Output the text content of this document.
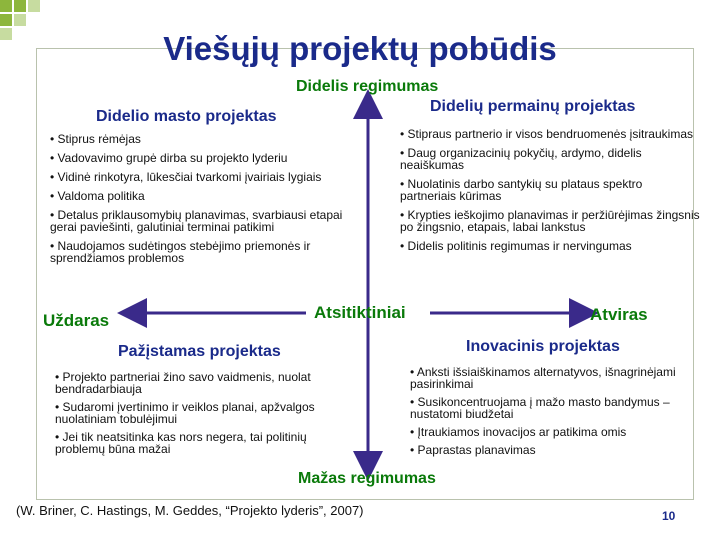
Viešųjų projektų pobūdis
Didelis regimumas
Mažas regimumas
Uždaras	Atsitiktiniai	Atviras
Didelio masto projektas
• Stiprus rėmėjas
• Vadovavimo grupė dirba su projekto lyderiu
• Vidinė rinkotyra, lūkesčiai tvarkomi įvairiais lygiais
• Valdoma politika
• Detalus priklausomybių planavimas, svarbiausi etapai gerai paviešinti, galutiniai terminai patikimi
• Naudojamos sudėtingos stebėjimo priemonės ir sprendžiamos problemos
Didelių permainų projektas
• Stipraus partnerio ir visos bendruomenės įsitraukimas
• Daug organizacinių pokyčių, ardymo, didelis neaiškumas
• Nuolatinis darbo santykių su plataus spektro partneriais kūrimas
• Krypties ieškojimo planavimas ir peržiūrėjimas žingsnis po žingsnio, etapais, labai lankstus
• Didelis politinis regimumas ir nervingumas
Pažįstamas projektas
• Projekto partneriai žino savo vaidmenis, nuolat bendradarbiauja
• Sudaromi įvertinimo ir veiklos planai, apžvalgos nuolatiniam tobulėjimui
• Jei tik neatsitinka kas nors negera, tai politinių problemų būna mažai
Inovacinis projektas
• Anksti išsiaiškinamos alternatyvos, išnagrinėjami pasirinkimai
• Susikoncentruojama į mažo masto bandymus – nustatomi biudžetai
• Įtraukiamos inovacijos ar patikima omis
• Paprastas planavimas
(W. Briner, C. Hastings, M. Geddes, “Projekto lyderis”, 2007)	10
